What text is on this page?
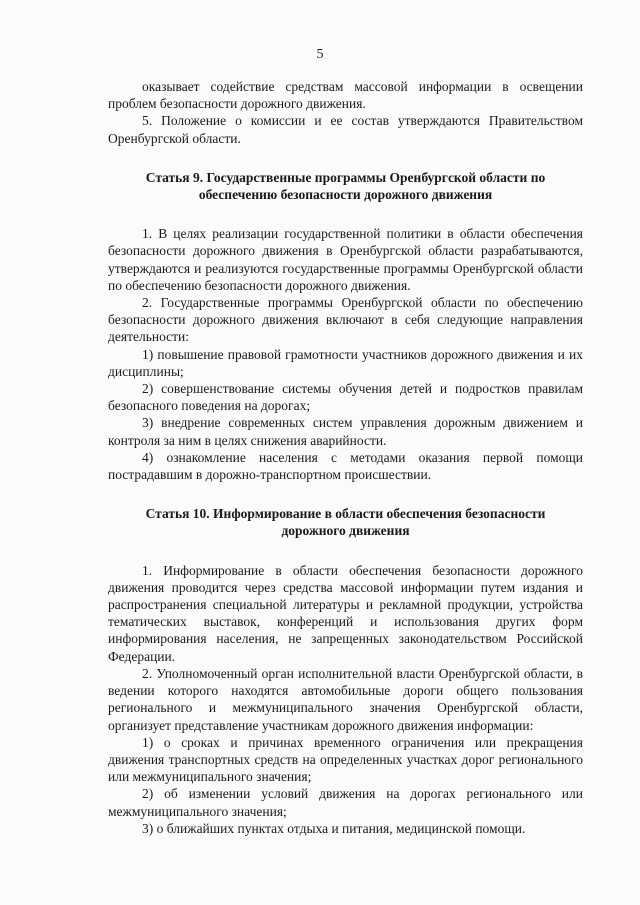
5

оказывает содействие средствам массовой информации в освещении проблем безопасности дорожного движения.

5. Положение о комиссии и ее состав утверждаются Правительством Оренбургской области.

Статья 9. Государственные программы Оренбургской области по обеспечению безопасности дорожного движения

1. В целях реализации государственной политики в области обеспечения безопасности дорожного движения в Оренбургской области разрабатываются, утверждаются и реализуются государственные программы Оренбургской области по обеспечению безопасности дорожного движения.

2. Государственные программы Оренбургской области по обеспечению безопасности дорожного движения включают в себя следующие направления деятельности:

1) повышение правовой грамотности участников дорожного движения и их дисциплины;

2) совершенствование системы обучения детей и подростков правилам безопасного поведения на дорогах;

3) внедрение современных систем управления дорожным движением и контроля за ним в целях снижения аварийности.

4) ознакомление населения с методами оказания первой помощи пострадавшим в дорожно-транспортном происшествии.

Статья 10. Информирование в области обеспечения безопасности дорожного движения

1. Информирование в области обеспечения безопасности дорожного движения проводится через средства массовой информации путем издания и распространения специальной литературы и рекламной продукции, устройства тематических выставок, конференций и использования других форм информирования населения, не запрещенных законодательством Российской Федерации.

2. Уполномоченный орган исполнительной власти Оренбургской области, в ведении которого находятся автомобильные дороги общего пользования регионального и межмуниципального значения Оренбургской области, организует представление участникам дорожного движения информации:

1) о сроках и причинах временного ограничения или прекращения движения транспортных средств на определенных участках дорог регионального или межмуниципального значения;

2) об изменении условий движения на дорогах регионального или межмуниципального значения;

3) о ближайших пунктах отдыха и питания, медицинской помощи.
